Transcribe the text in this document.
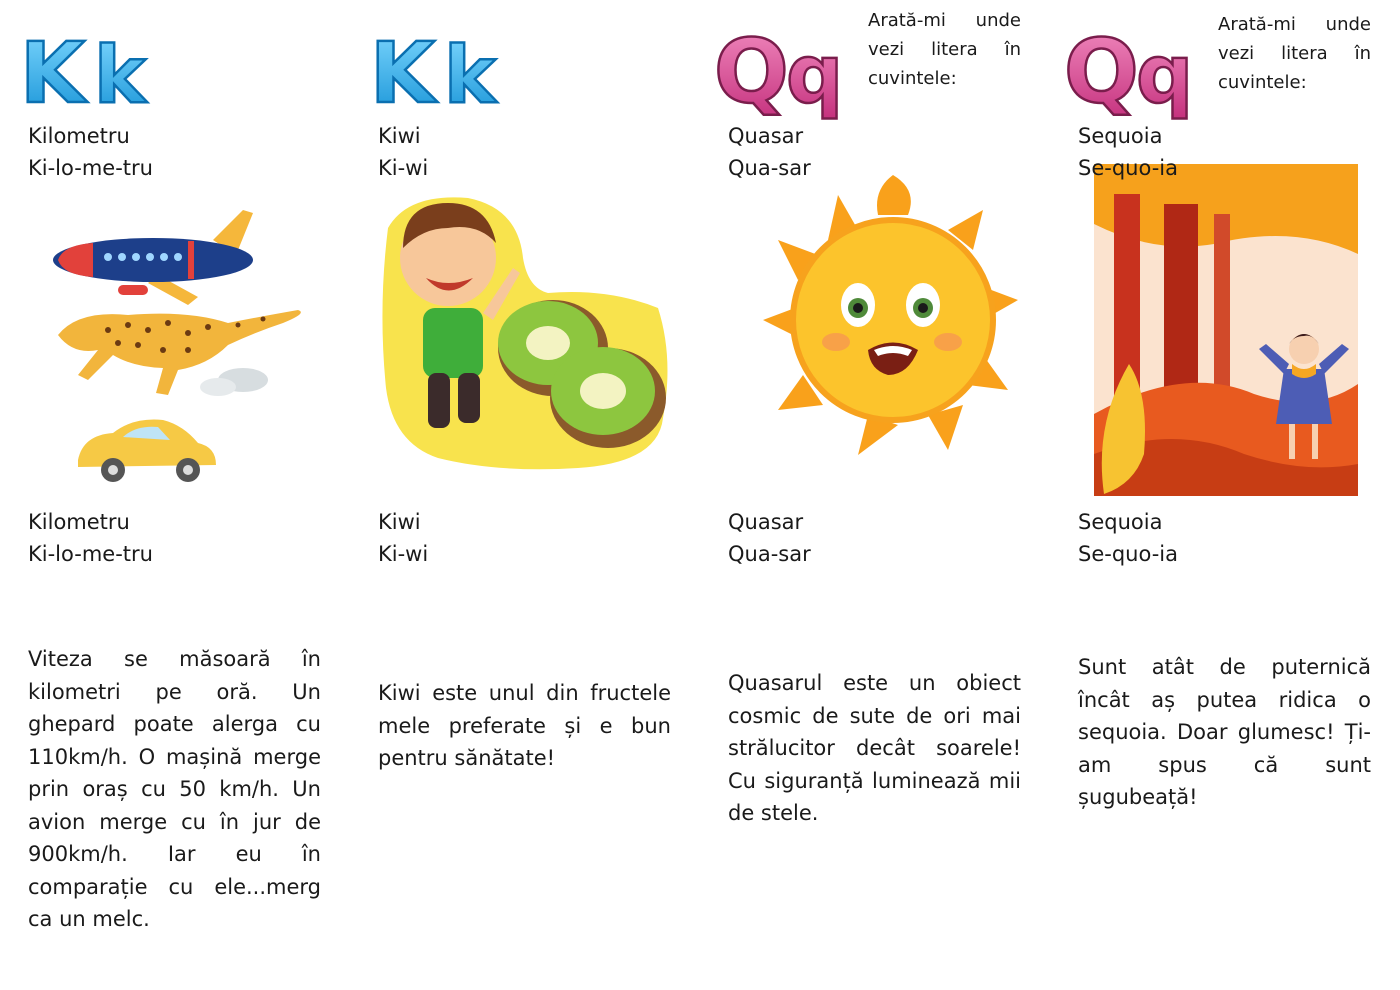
K k
Kilometru
Ki-lo-me-tru
Kilometru
Ki-lo-me-tru
Viteza se măsoară în kilometri pe oră. Un ghepard poate alerga cu 110km/h. O mașină merge prin oraș cu 50 km/h. Un avion merge cu în jur de 900km/h. Iar eu în comparație cu ele...merg ca un melc.
K k
Kiwi
Ki-wi
Kiwi
Ki-wi
Kiwi este unul din fructele mele preferate și e bun pentru sănătate!
Q
q
Arată-mi unde vezi litera în cuvintele:
Quasar
Qua-sar
Quasar
Qua-sar
Quasarul este un obiect cosmic de sute de ori mai strălucitor decât soarele! Cu siguranță luminează mii de stele.
Q
q
Arată-mi unde vezi litera în cuvintele:
Sequoia
Se-quo-ia
Sequoia
Se-quo-ia
Sunt atât de puternică încât aș putea ridica o sequoia. Doar glumesc! Ți-am spus că sunt șugubeață!
